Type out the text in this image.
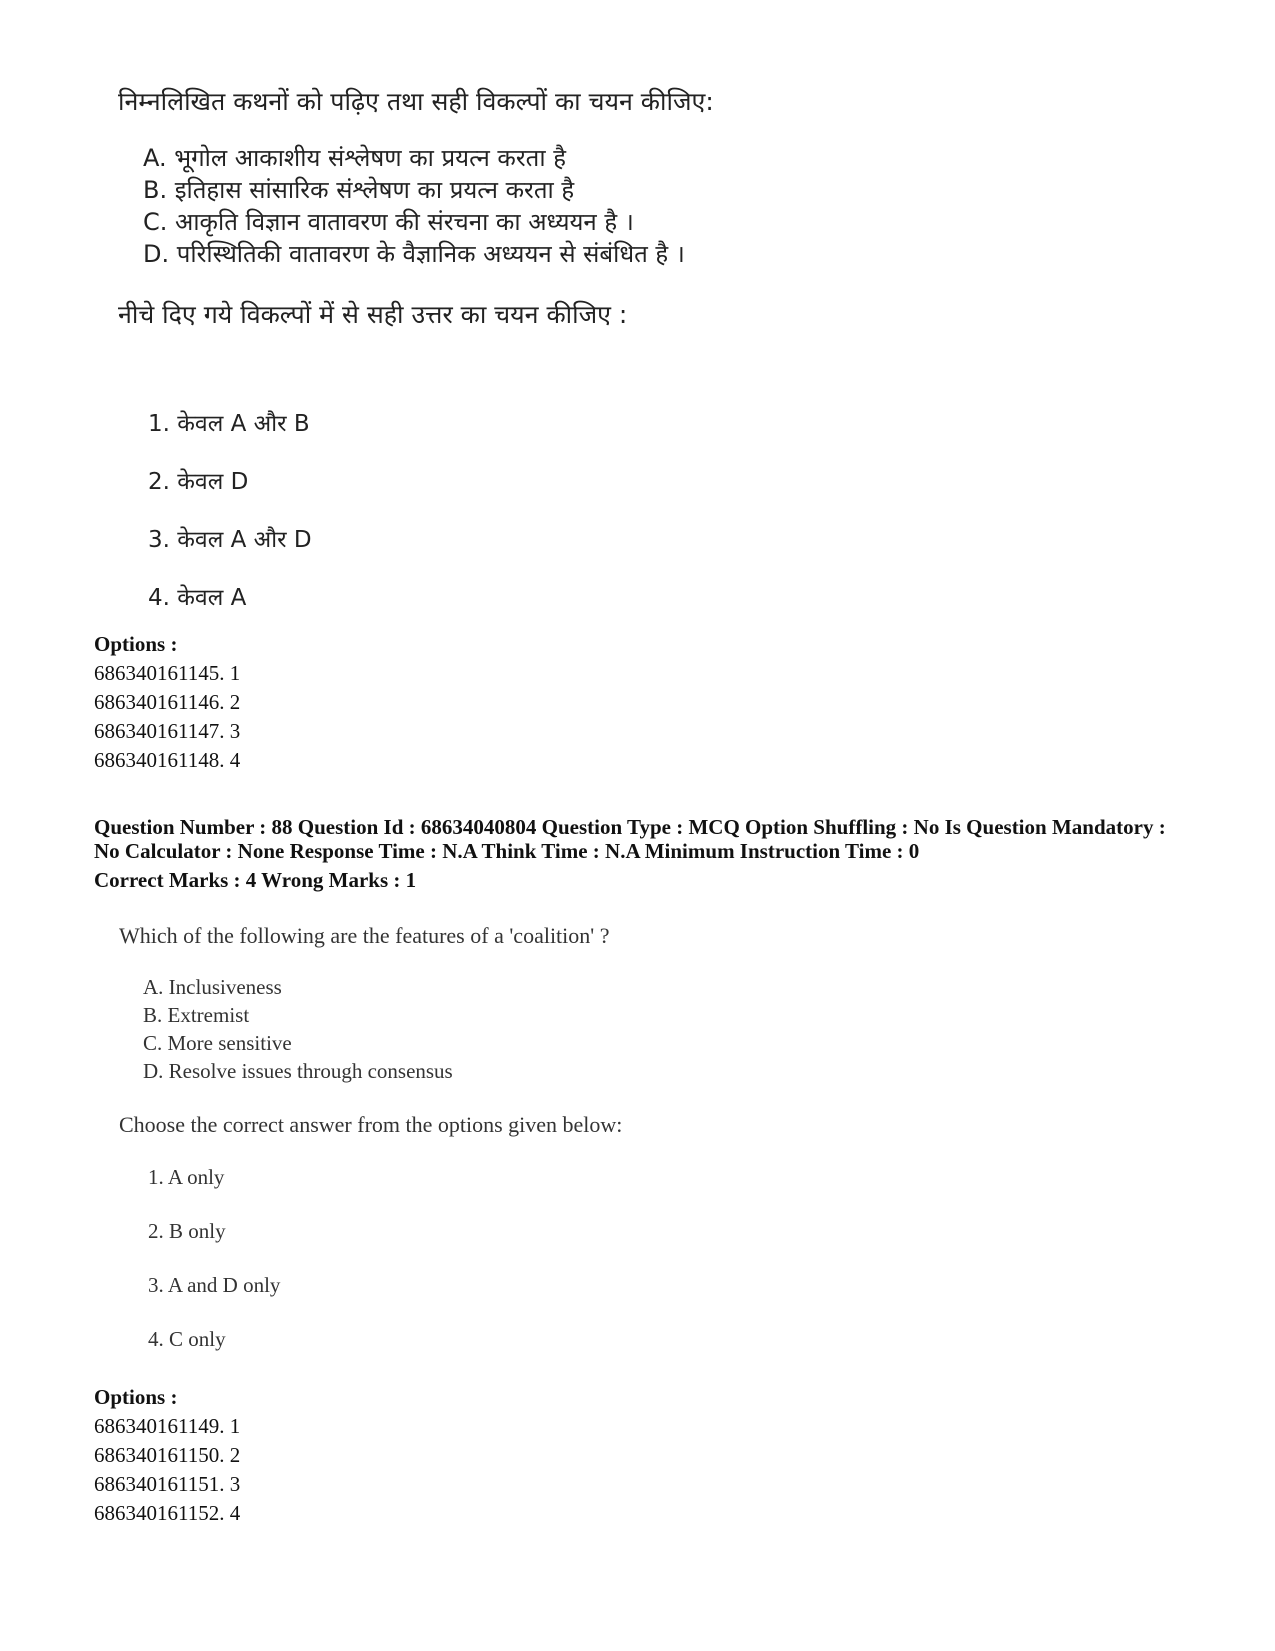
निम्नलिखित कथनों को पढ़िए तथा सही विकल्पों का चयन कीजिए:
A. भूगोल आकाशीय संश्लेषण का प्रयत्न करता है
B. इतिहास सांसारिक संश्लेषण का प्रयत्न करता है
C. आकृति विज्ञान वातावरण की संरचना का अध्ययन है ।
D. परिस्थितिकी वातावरण के वैज्ञानिक अध्ययन से संबंधित है ।
नीचे दिए गये विकल्पों में से सही उत्तर का चयन कीजिए :
1. केवल A और B
2. केवल D
3. केवल A और D
4. केवल A
Options :
686340161145. 1
686340161146. 2
686340161147. 3
686340161148. 4
Question Number : 88 Question Id : 68634040804 Question Type : MCQ Option Shuffling : No Is Question Mandatory :
No Calculator : None Response Time : N.A Think Time : N.A Minimum Instruction Time : 0
Correct Marks : 4 Wrong Marks : 1
Which of the following are the features of a 'coalition' ?
A. Inclusiveness
B. Extremist
C. More sensitive
D. Resolve issues through consensus
Choose the correct answer from the options given below:
1. A only
2. B only
3. A and D only
4. C only
Options :
686340161149. 1
686340161150. 2
686340161151. 3
686340161152. 4
